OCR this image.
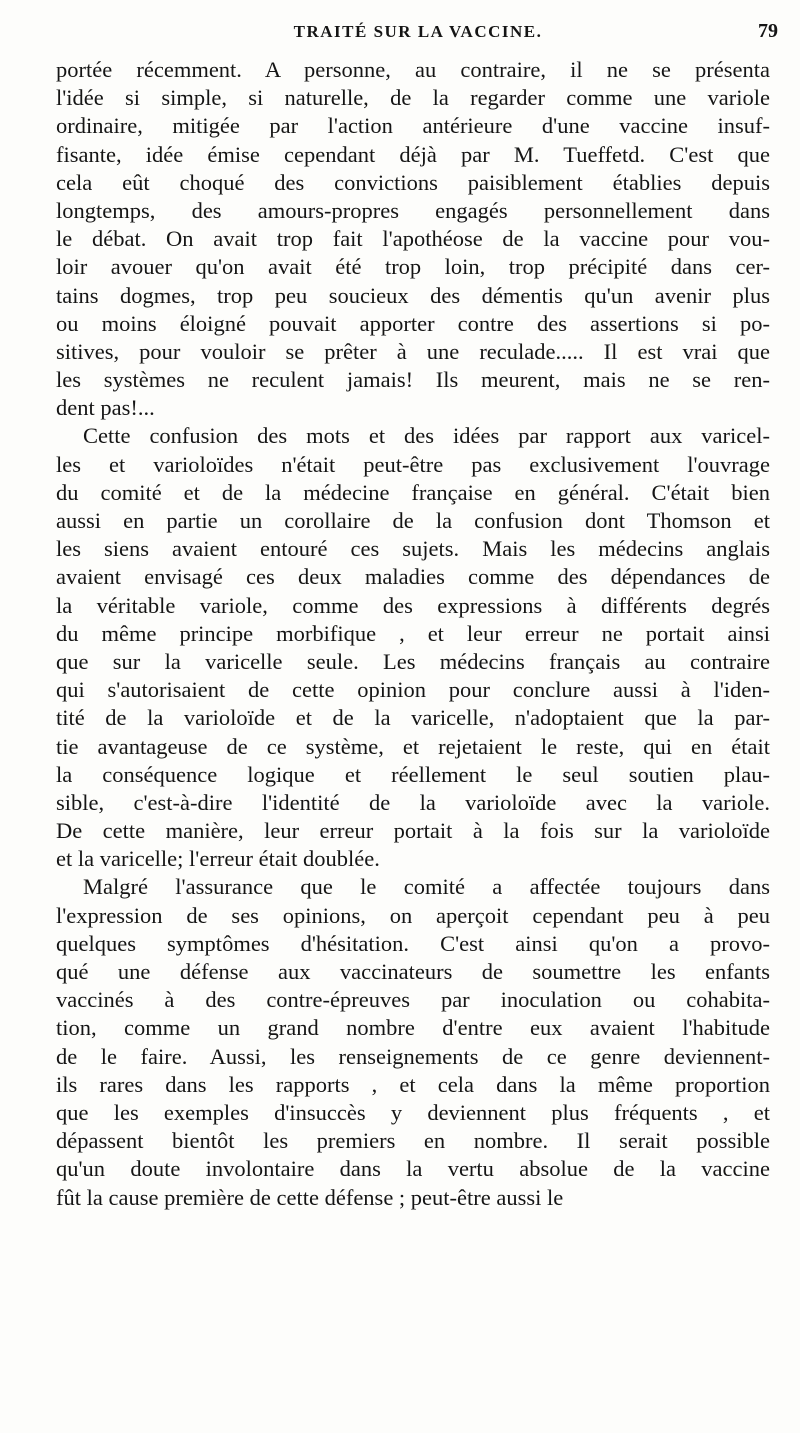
TRAITÉ SUR LA VACCINE.	79
portée récemment. A personne, au contraire, il ne se présenta
l'idée si simple, si naturelle, de la regarder comme une variole
ordinaire, mitigée par l'action antérieure d'une vaccine insuf-
fisante, idée émise cependant déjà par M. Tueffetd. C'est que
cela eût choqué des convictions paisiblement établies depuis
longtemps, des amours-propres engagés personnellement dans
le débat. On avait trop fait l'apothéose de la vaccine pour vou-
loir avouer qu'on avait été trop loin, trop précipité dans cer-
tains dogmes, trop peu soucieux des démentis qu'un avenir plus
ou moins éloigné pouvait apporter contre des assertions si po-
sitives, pour vouloir se prêter à une reculade..... Il est vrai que
les systèmes ne reculent jamais! Ils meurent, mais ne se ren-
dent pas!...
Cette confusion des mots et des idées par rapport aux varicel-
les et varioloïdes n'était peut-être pas exclusivement l'ouvrage
du comité et de la médecine française en général. C'était bien
aussi en partie un corollaire de la confusion dont Thomson et
les siens avaient entouré ces sujets. Mais les médecins anglais
avaient envisagé ces deux maladies comme des dépendances de
la véritable variole, comme des expressions à différents degrés
du même principe morbifique , et leur erreur ne portait ainsi
que sur la varicelle seule. Les médecins français au contraire
qui s'autorisaient de cette opinion pour conclure aussi à l'iden-
tité de la varioloïde et de la varicelle, n'adoptaient que la par-
tie avantageuse de ce système, et rejetaient le reste, qui en était
la conséquence logique et réellement le seul soutien plau-
sible, c'est-à-dire l'identité de la varioloïde avec la variole.
De cette manière, leur erreur portait à la fois sur la varioloïde
et la varicelle; l'erreur était doublée.
Malgré l'assurance que le comité a affectée toujours dans
l'expression de ses opinions, on aperçoit cependant peu à peu
quelques symptômes d'hésitation. C'est ainsi qu'on a provo-
qué une défense aux vaccinateurs de soumettre les enfants
vaccinés à des contre-épreuves par inoculation ou cohabita-
tion, comme un grand nombre d'entre eux avaient l'habitude
de le faire. Aussi, les renseignements de ce genre deviennent-
ils rares dans les rapports , et cela dans la même proportion
que les exemples d'insuccès y deviennent plus fréquents , et
dépassent bientôt les premiers en nombre. Il serait possible
qu'un doute involontaire dans la vertu absolue de la vaccine
fût la cause première de cette défense ; peut-être aussi le
